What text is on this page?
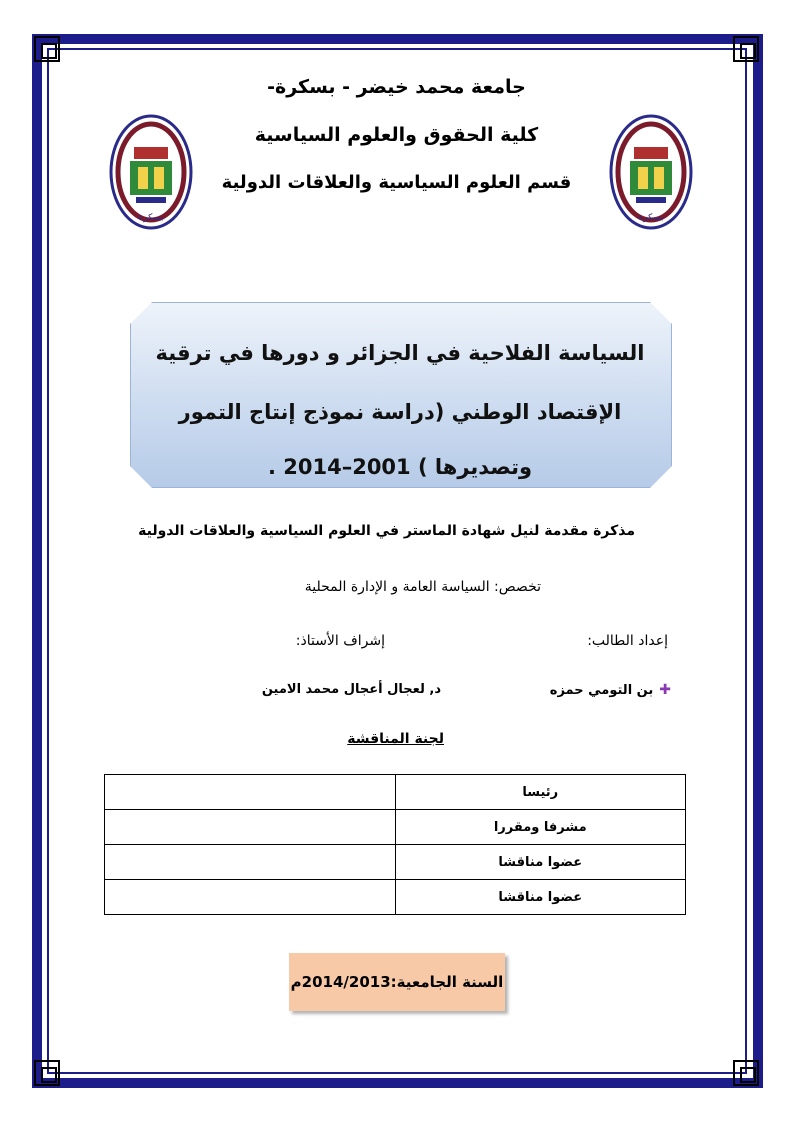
جامعة محمد خيضر - بسكرة-
كلية الحقوق والعلوم السياسية
قسم العلوم السياسية والعلاقات الدولية
بسكرة	بسكرة
السياسة الفلاحية في الجزائر و دورها في ترقية
الإقتصاد الوطني (دراسة نموذج إنتاج التمور
وتصديرها ) 2001–2014 .
مذكرة مقدمة لنيل شهادة الماستر في العلوم السياسية والعلاقات الدولية
تخصص: السياسة العامة و الإدارة المحلية
إعداد الطالب:
إشراف الأستاذ:
✚
بن التومي حمزه
د, لعجال أعجال محمد الامين
لجنة المناقشة
	رئيسا
	مشرفا ومقررا
	عضوا مناقشا
	عضوا مناقشا
السنة الجامعية:
2014/2013م
